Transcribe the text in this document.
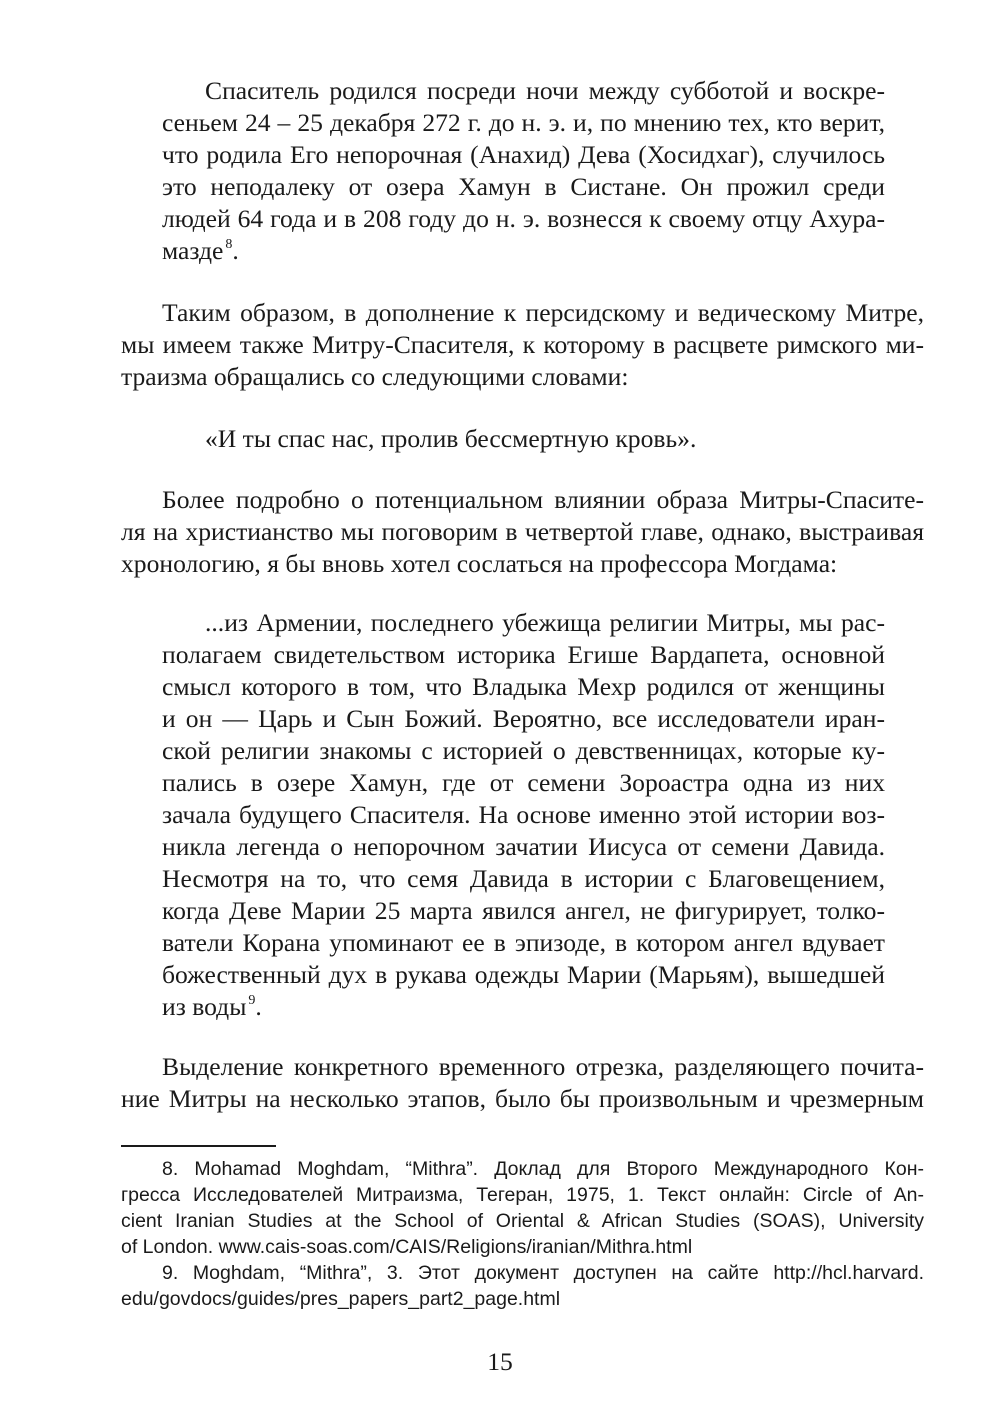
Спаситель родился посреди ночи между субботой и воскре-
сеньем 24 – 25 декабря 272 г. до н. э. и, по мнению тех, кто верит,
что родила Его непорочная (Анахид) Дева (Хосидхаг), случилось
это неподалеку от озера Хамун в Систане. Он прожил среди
людей 64 года и в 208 году до н. э. вознесся к своему отцу Ахура-
мазде $^8$.
Таким образом, в дополнение к персидскому и ведическому Митре,
мы имеем также Митру-Спасителя, к которому в расцвете римского ми-
траизма обращались со следующими словами:
«И ты спас нас, пролив бессмертную кровь».
Более подробно о потенциальном влиянии образа Митры-Спасите-
ля на христианство мы поговорим в четвертой главе, однако, выстраивая
хронологию, я бы вновь хотел сослаться на профессора Могдама:
...из Армении, последнего убежища религии Митры, мы рас-
полагаем свидетельством историка Егише Вардапета, основной
смысл которого в том, что Владыка Мехр родился от женщины
и он — Царь и Сын Божий. Вероятно, все исследователи иран-
ской религии знакомы с историей о девственницах, которые ку-
пались в озере Хамун, где от семени Зороастра одна из них
зачала будущего Спасителя. На основе именно этой истории воз-
никла легенда о непорочном зачатии Иисуса от семени Давида.
Несмотря на то, что семя Давида в истории с Благовещением,
когда Деве Марии 25 марта явился ангел, не фигурирует, толко-
ватели Корана упоминают ее в эпизоде, в котором ангел вдувает
божественный дух в рукава одежды Марии (Марьям), вышедшей
из воды $^9$.
Выделение конкретного временного отрезка, разделяющего почита-
ние Митры на несколько этапов, было бы произвольным и чрезмерным
8. Mohamad Moghdam, “Mithra”. Доклад для Второго Международного Кон-
гресса Исследователей Митраизма, Тегеран, 1975, 1. Текст онлайн: Circle of An-
cient Iranian Studies at the School of Oriental & African Studies (SOAS), University
of London. www.cais-soas.com/CAIS/Religions/iranian/Mithra.html
9. Moghdam, “Mithra”, 3. Этот документ доступен на сайте http://hcl.harvard.
edu/govdocs/guides/pres_papers_part2_page.html
15
